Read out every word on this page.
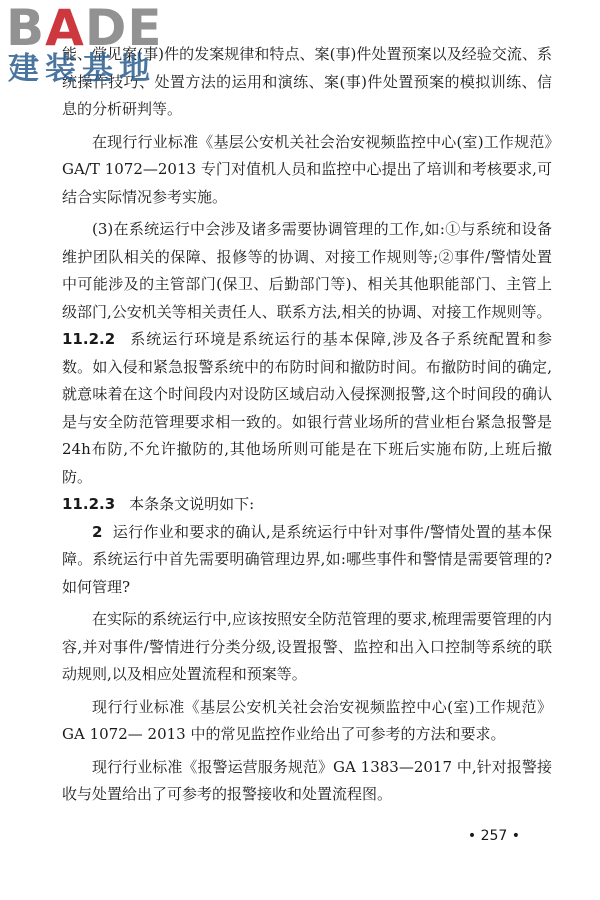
BADE
建装基地

能、常见案(事)件的发案规律和特点、案(事)件处置预案以及经验交流、系统操作技巧、处置方法的运用和演练、案(事)件处置预案的模拟训练、信息的分析研判等。

在现行行业标准《基层公安机关社会治安视频监控中心(室)工作规范》GA/T 1072—2013 专门对值机人员和监控中心提出了培训和考核要求,可结合实际情况参考实施。

(3)在系统运行中会涉及诸多需要协调管理的工作,如:①与系统和设备维护团队相关的保障、报修等的协调、对接工作规则等;②事件/警情处置中可能涉及的主管部门(保卫、后勤部门等)、相关其他职能部门、主管上级部门,公安机关等相关责任人、联系方法,相关的协调、对接工作规则等。

11.2.2 系统运行环境是系统运行的基本保障,涉及各子系统配置和参数。如入侵和紧急报警系统中的布防时间和撤防时间。布撤防时间的确定,就意味着在这个时间段内对设防区域启动入侵探测报警,这个时间段的确认是与安全防范管理要求相一致的。如银行营业场所的营业柜台紧急报警是24h布防,不允许撤防的,其他场所则可能是在下班后实施布防,上班后撤防。

11.2.3 本条条文说明如下:

2 运行作业和要求的确认,是系统运行中针对事件/警情处置的基本保障。系统运行中首先需要明确管理边界,如:哪些事件和警情是需要管理的? 如何管理?

在实际的系统运行中,应该按照安全防范管理的要求,梳理需要管理的内容,并对事件/警情进行分类分级,设置报警、监控和出入口控制等系统的联动规则,以及相应处置流程和预案等。

现行行业标准《基层公安机关社会治安视频监控中心(室)工作规范》GA 1072— 2013 中的常见监控作业给出了可参考的方法和要求。

现行行业标准《报警运营服务规范》GA 1383—2017 中,针对报警接收与处置给出了可参考的报警接收和处置流程图。

• 257 •
